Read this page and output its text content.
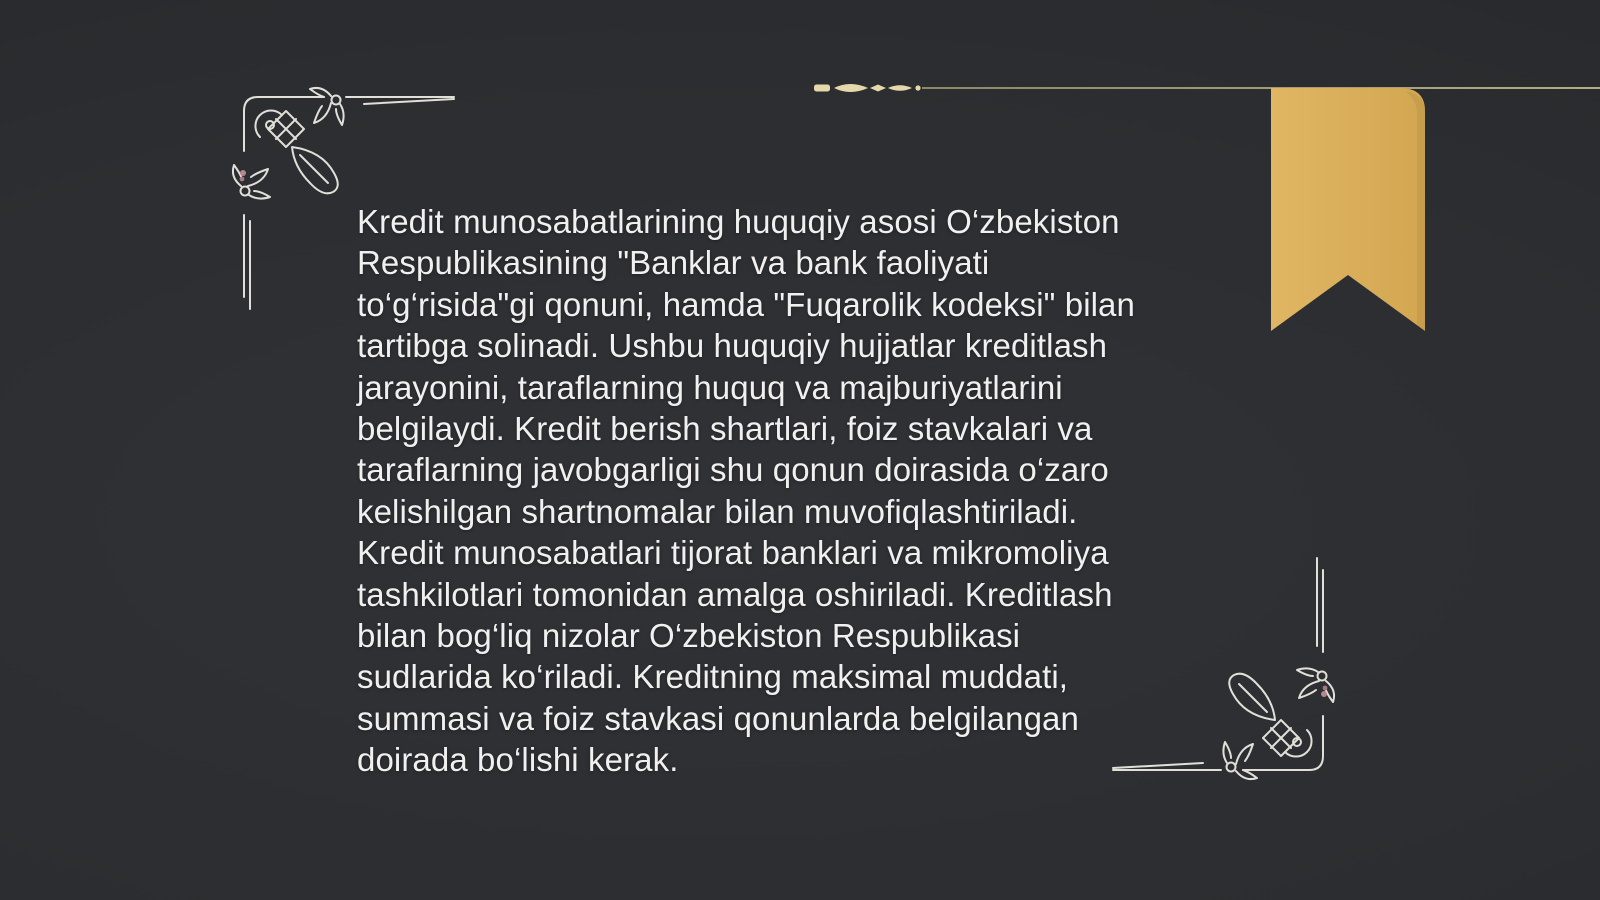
Kredit munosabatlarining huquqiy asosi O‘zbekiston
Respublikasining "Banklar va bank faoliyati
to‘g‘risida"gi qonuni, hamda "Fuqarolik kodeksi" bilan
tartibga solinadi. Ushbu huquqiy hujjatlar kreditlash
jarayonini, taraflarning huquq va majburiyatlarini
belgilaydi. Kredit berish shartlari, foiz stavkalari va
taraflarning javobgarligi shu qonun doirasida o‘zaro
kelishilgan shartnomalar bilan muvofiqlashtiriladi.
Kredit munosabatlari tijorat banklari va mikromoliya
tashkilotlari tomonidan amalga oshiriladi. Kreditlash
bilan bog‘liq nizolar O‘zbekiston Respublikasi
sudlarida ko‘riladi. Kreditning maksimal muddati,
summasi va foiz stavkasi qonunlarda belgilangan
doirada bo‘lishi kerak.
